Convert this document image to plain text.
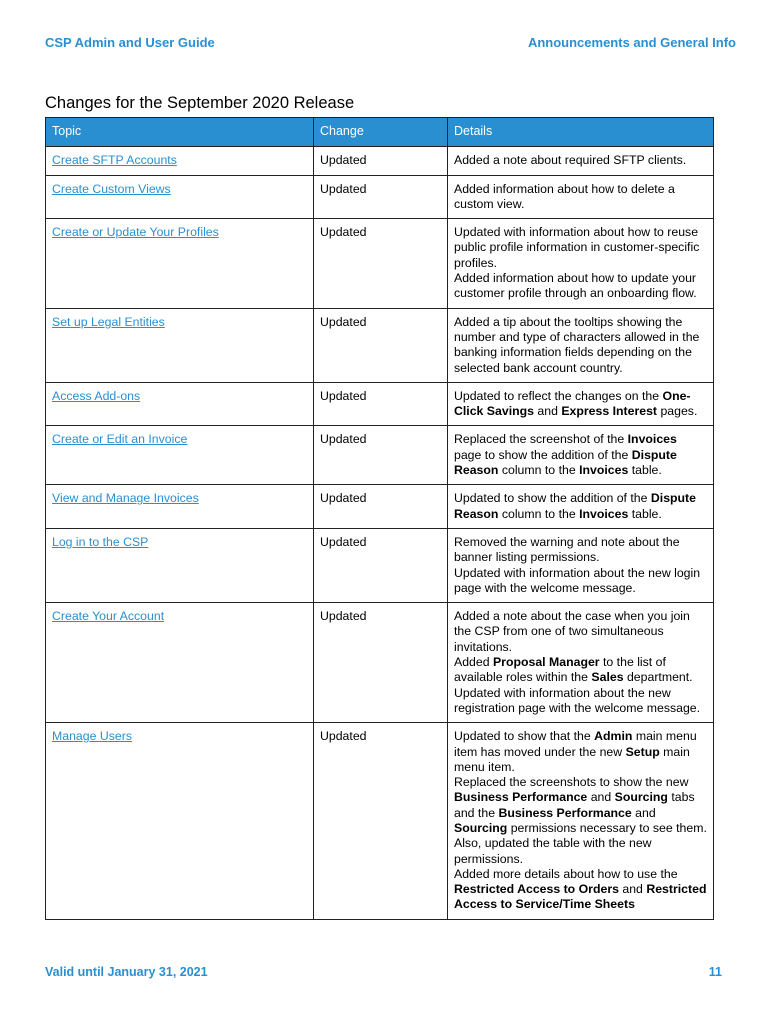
CSP Admin and User Guide	Announcements and General Info
Changes for the September 2020 Release
Topic	Change	Details
Create SFTP Accounts	Updated	Added a note about required SFTP clients.

Create Custom Views	Updated	Added information about how to delete a custom view.

Create or Update Your Profiles	Updated	Updated with information about how to reuse public profile information in customer-specific profiles.
Added information about how to update your customer profile through an onboarding flow.

Set up Legal Entities	Updated	Added a tip about the tooltips showing the number and type of characters allowed in the banking information fields depending on the selected bank account country.

Access Add-ons	Updated	Updated to reflect the changes on the One-Click Savings and Express Interest pages.

Create or Edit an Invoice	Updated	Replaced the screenshot of the Invoices page to show the addition of the Dispute Reason column to the Invoices table.

View and Manage Invoices	Updated	Updated to show the addition of the Dispute Reason column to the Invoices table.

Log in to the CSP	Updated	Removed the warning and note about the banner listing permissions.
Updated with information about the new login page with the welcome message.

Create Your Account	Updated	Added a note about the case when you join the CSP from one of two simultaneous invitations.
Added Proposal Manager to the list of available roles within the Sales department.
Updated with information about the new registration page with the welcome message.

Manage Users	Updated	Updated to show that the Admin main menu item has moved under the new Setup main menu item.
Replaced the screenshots to show the new Business Performance and Sourcing tabs and the Business Performance and Sourcing permissions necessary to see them. Also, updated the table with the new permissions.
Added more details about how to use the Restricted Access to Orders and Restricted Access to Service/Time Sheets
Valid until January 31, 2021	11
